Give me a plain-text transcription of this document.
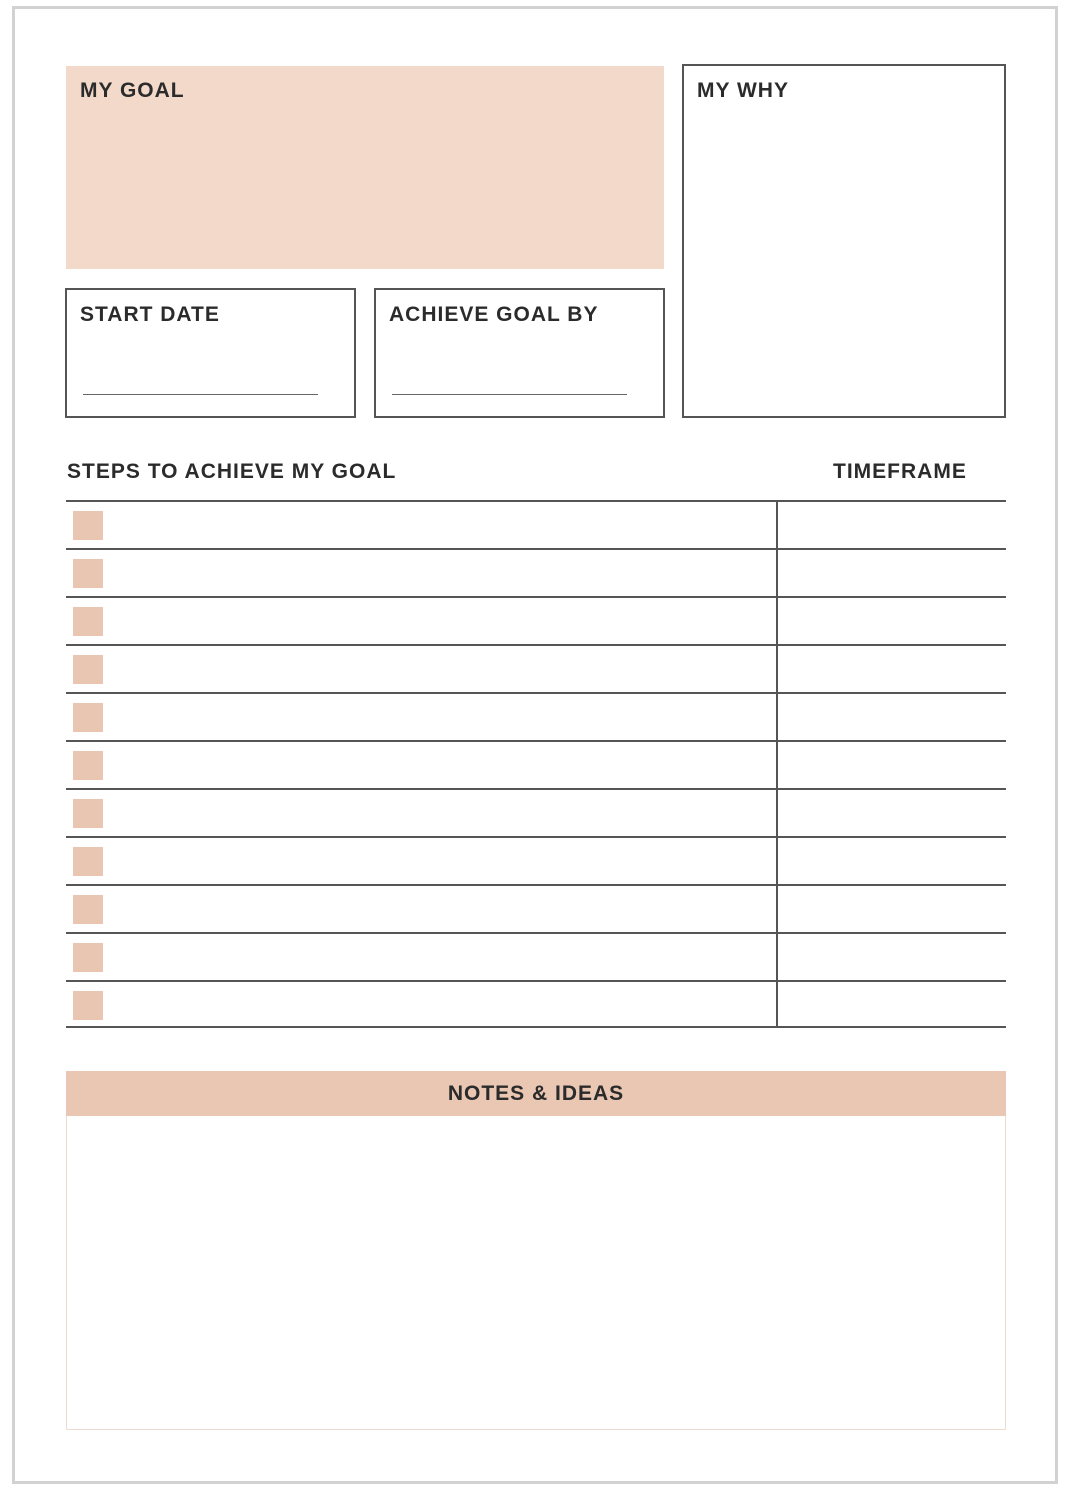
MY GOAL	MY WHY
START DATE	ACHIEVE GOAL BY
STEPS TO ACHIEVE MY GOAL	TIMEFRAME
NOTES & IDEAS
